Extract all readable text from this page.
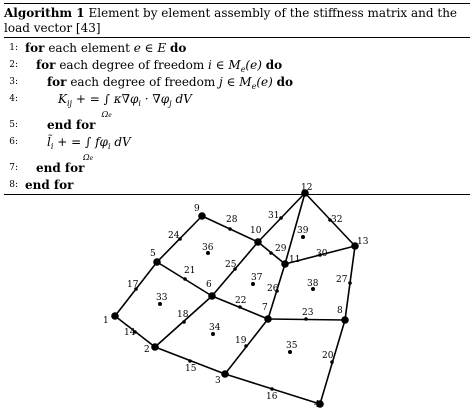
Algorithm 1 Element by element assembly of the stiffness matrix and the load vector [43]
1: for each element e ∈ E do
2: for each degree of freedom i ∈ $M_e(e)$ do
3: for each degree of freedom j ∈ $M_e(e)$ do
4:	$K_{ij}$ + = ∫
Ωe
$\kappa\nabla\varphi_i \cdot \nabla\varphi_j$ dV
5: end for
6: $l̃_i$ + = ∫
Ωe
$f\varphi_i$ dV
7: end for
8: end for
1
2
3
4
5
6
7	8
9
10
11
12
13
14
15
16
17
18
19
20
21
22
23
24
25
26
27
28
29	30
31	32
33
34
35
36
37
38
39
